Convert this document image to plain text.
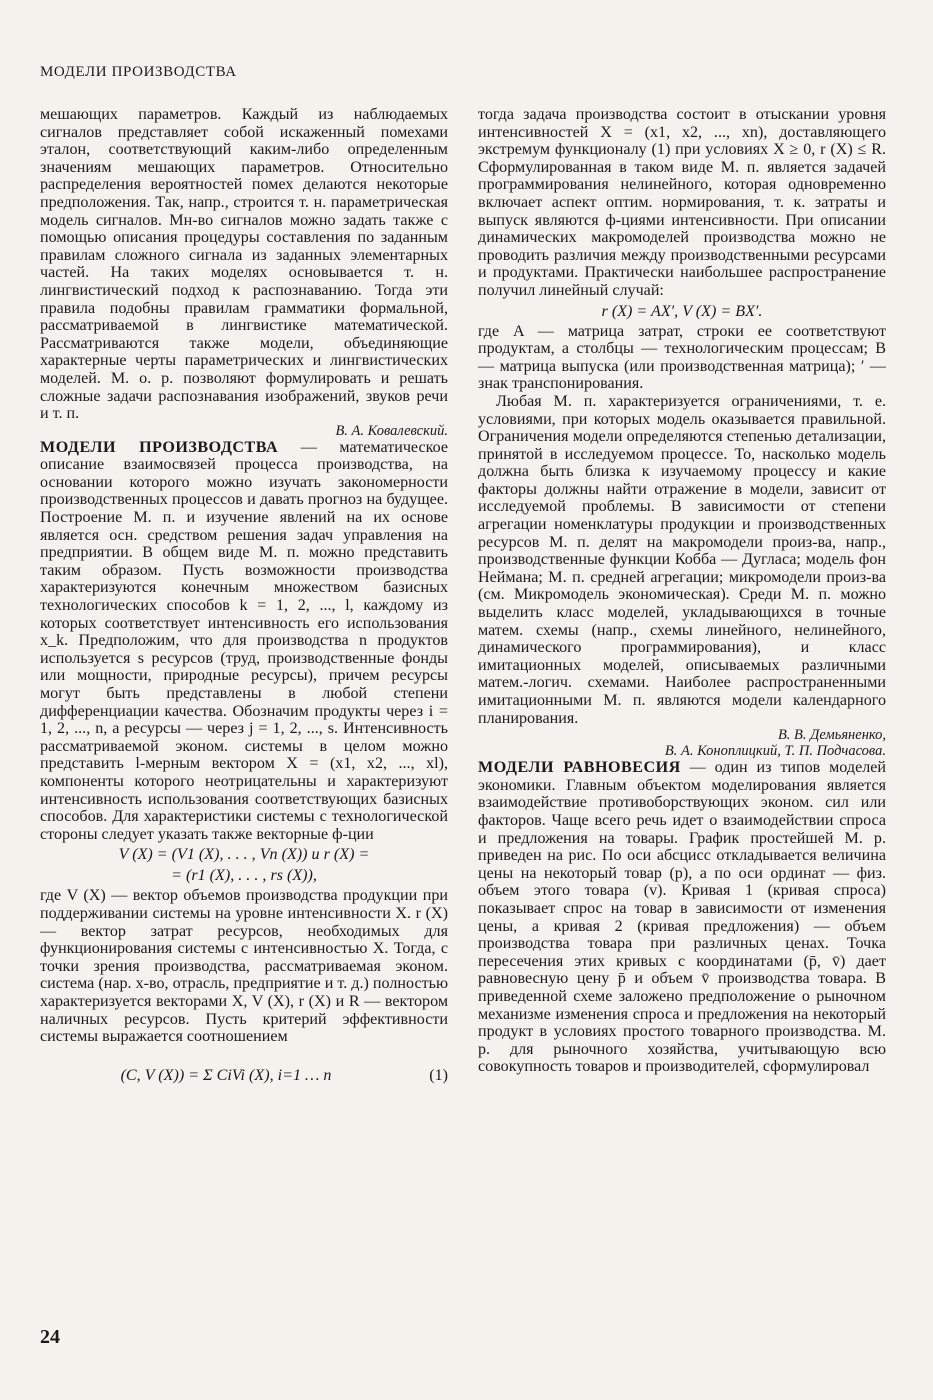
МОДЕЛИ ПРОИЗВОДСТВА

мешающих параметров. Каждый из наблюдаемых сигналов представляет собой искаженный помехами эталон, соответствующий каким-либо определенным значениям мешающих параметров. Относительно распределения вероятностей помех делаются некоторые предположения. Так, напр., строится т. н. параметрическая модель сигналов. Мн-во сигналов можно задать также с помощью описания процедуры составления по заданным правилам сложного сигнала из заданных элементарных частей. На таких моделях основывается т. н. лингвистический подход к распознаванию. Тогда эти правила подобны правилам грамматики формальной, рассматриваемой в лингвистике математической. Рассматриваются также модели, объединяющие характерные черты параметрических и лингвистических моделей. М. о. р. позволяют формулировать и решать сложные задачи распознавания изображений, звуков речи и т. п.

В. А. Ковалевский.

МОДЕЛИ ПРОИЗВОДСТВА — математическое описание взаимосвязей процесса производства, на основании которого можно изучать закономерности производственных процессов и давать прогноз на будущее. Построение М. п. и изучение явлений на их основе является осн. средством решения задач управления на предприятии. В общем виде М. п. можно представить таким образом. Пусть возможности производства характеризуются конечным множеством базисных технологических способов k = 1, 2, ..., l, каждому из которых соответствует интенсивность его использования x_k. Предположим, что для производства n продуктов используется s ресурсов (труд, производственные фонды или мощности, природные ресурсы), причем ресурсы могут быть представлены в любой степени дифференциации качества. Обозначим продукты через i = 1, 2, ..., n, а ресурсы — через j = 1, 2, ..., s. Интенсивность рассматриваемой эконом. системы в целом можно представить l-мерным вектором X = (x1, x2, ..., xl), компоненты которого неотрицательны и характеризуют интенсивность использования соответствующих базисных способов. Для характеристики системы с технологической стороны следует указать также векторные ф-ции

V (X) = (V1 (X), . . . , Vn (X)) и r (X) =
= (r1 (X), . . . , rs (X)),

где V (X) — вектор объемов производства продукции при поддерживании системы на уровне интенсивности X. r (X) — вектор затрат ресурсов, необходимых для функционирования системы с интенсивностью X. Тогда, с точки зрения производства, рассматриваемая эконом. система (нар. х-во, отрасль, предприятие и т. д.) полностью характеризуется векторами X, V (X), r (X) и R — вектором наличных ресурсов. Пусть критерий эффективности системы выражается соотношением

(C, V (X)) = Σ CiVi (X), i=1 … n	(1)

тогда задача производства состоит в отыскании уровня интенсивностей X = (x1, x2, ..., xn), доставляющего экстремум функционалу (1) при условиях X ≥ 0, r (X) ≤ R. Сформулированная в таком виде М. п. является задачей программирования нелинейного, которая одновременно включает аспект оптим. нормирования, т. к. затраты и выпуск являются ф-циями интенсивности. При описании динамических макромоделей производства можно не проводить различия между производственными ресурсами и продуктами. Практически наибольшее распространение получил линейный случай:

r (X) = AX′, V (X) = BX′.

где A — матрица затрат, строки ее соответствуют продуктам, а столбцы — технологическим процессам; B — матрица выпуска (или производственная матрица); ′ — знак транспонирования.

Любая М. п. характеризуется ограничениями, т. е. условиями, при которых модель оказывается правильной. Ограничения модели определяются степенью детализации, принятой в исследуемом процессе. То, насколько модель должна быть близка к изучаемому процессу и какие факторы должны найти отражение в модели, зависит от исследуемой проблемы. В зависимости от степени агрегации номенклатуры продукции и производственных ресурсов М. п. делят на макромодели произ-ва, напр., производственные функции Кобба — Дугласа; модель фон Неймана; М. п. средней агрегации; микромодели произ-ва (см. Микромодель экономическая). Среди М. п. можно выделить класс моделей, укладывающихся в точные матем. схемы (напр., схемы линейного, нелинейного, динамического программирования), и класс имитационных моделей, описываемых различными матем.-логич. схемами. Наиболее распространенными имитационными М. п. являются модели календарного планирования.

В. В. Демьяненко,

В. А. Коноплицкий, Т. П. Подчасова.

МОДЕЛИ РАВНОВЕСИЯ — один из типов моделей экономики. Главным объектом моделирования является взаимодействие противоборствующих эконом. сил или факторов. Чаще всего речь идет о взаимодействии спроса и предложения на товары. График простейшей М. р. приведен на рис. По оси абсцисс откладывается величина цены на некоторый товар (p), а по оси ординат — физ. объем этого товара (v). Кривая 1 (кривая спроса) показывает спрос на товар в зависимости от изменения цены, а кривая 2 (кривая предложения) — объем производства товара при различных ценах. Точка пересечения этих кривых с координатами (p̄, v̄) дает равновесную цену p̄ и объем v̄ производства товара. В приведенной схеме заложено предположение о рыночном механизме изменения спроса и предложения на некоторый продукт в условиях простого товарного производства. М. р. для рыночного хозяйства, учитывающую всю совокупность товаров и производителей, сформулировал

24
